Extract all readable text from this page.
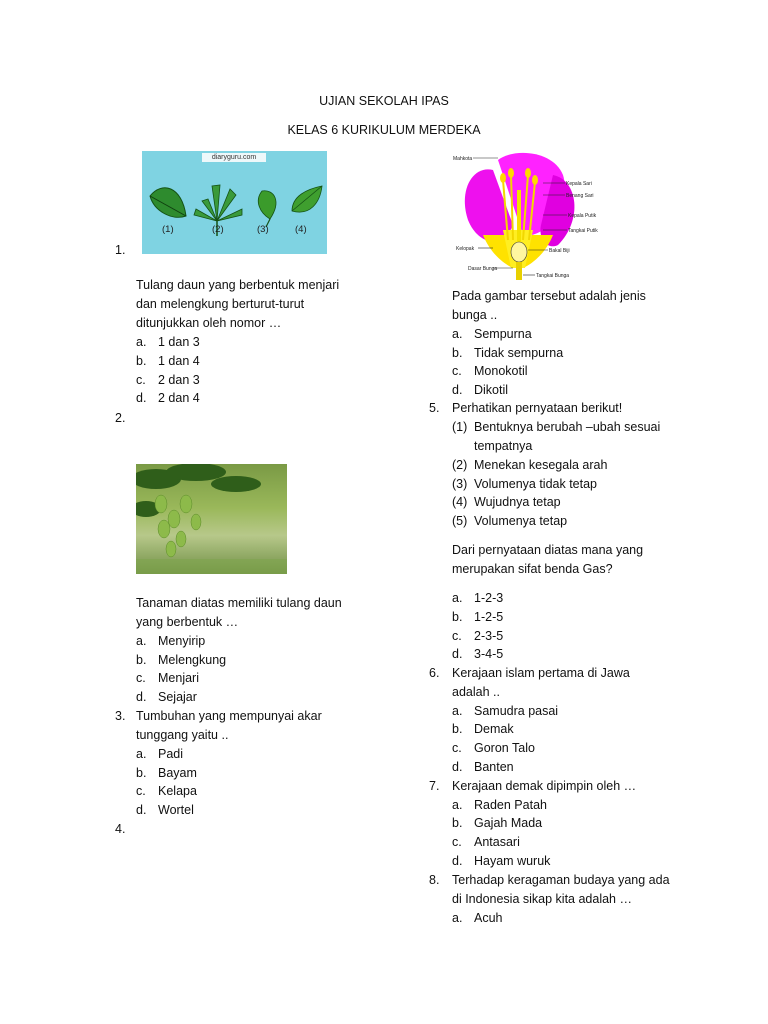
UJIAN SEKOLAH IPAS
KELAS 6 KURIKULUM MERDEKA
diaryguru.com
(1)	(2)	(3)	(4)
Mahkota
Kepala Sari
Benang Sari
Kepala Putik
Tangkai Putik
Kelopak	Bakal Biji
Dasar Bunga
Tangkai Bunga
1.
Tulang daun yang berbentuk menjari
dan melengkung berturut-turut
ditunjukkan oleh nomor …
a. 1 dan 3
b. 1 dan 4
c. 2 dan 3
d. 2 dan 4
2.
Tanaman diatas memiliki tulang daun
yang berbentuk …
a. Menyirip
b. Melengkung
c. Menjari
d. Sejajar
3. Tumbuhan yang mempunyai akar
tunggang yaitu ..
a. Padi
b. Bayam
c. Kelapa
d. Wortel
4.
Pada gambar tersebut adalah jenis
bunga ..
a. Sempurna
b. Tidak sempurna
c. Monokotil
d. Dikotil
5. Perhatikan pernyataan berikut!
(1) Bentuknya berubah –ubah sesuai
tempatnya
(2) Menekan kesegala arah
(3) Volumenya tidak tetap
(4) Wujudnya tetap
(5) Volumenya tetap
Dari pernyataan diatas mana yang
merupakan sifat benda Gas?
a. 1-2-3
b. 1-2-5
c. 2-3-5
d. 3-4-5
6. Kerajaan islam pertama di Jawa
adalah ..
a. Samudra pasai
b. Demak
c. Goron Talo
d. Banten
7. Kerajaan demak dipimpin oleh …
a. Raden Patah
b. Gajah Mada
c. Antasari
d. Hayam wuruk
8. Terhadap keragaman budaya yang ada
di Indonesia sikap kita adalah …
a. Acuh
